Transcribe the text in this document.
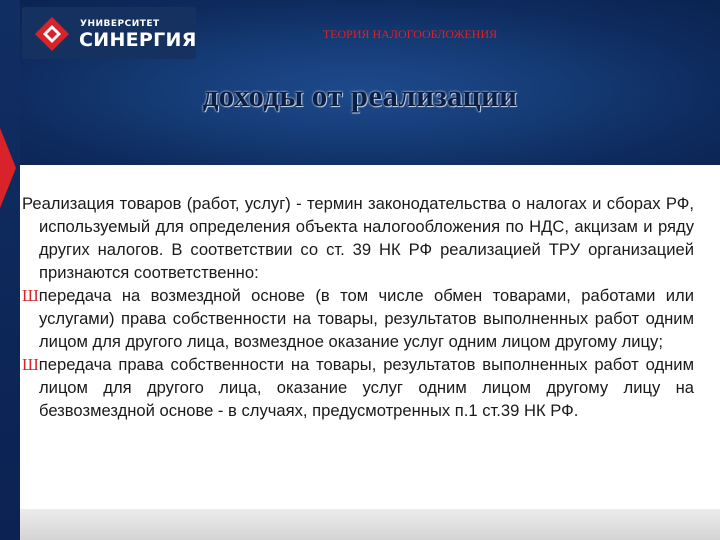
УНИВЕРСИТЕТ
СИНЕРГИЯ	ТЕОРИЯ НАЛОГООБЛОЖЕНИЯ
доходы от реализации

Реализация товаров (работ, услуг) - термин законодательства о налогах и сборах РФ, используемый для определения объекта налогообложения по НДС, акцизам и ряду других налогов. В соответствии со ст. 39 НК РФ реализацией ТРУ организацией признаются соответственно:

Шпередача на возмездной основе (в том числе обмен товарами, работами или услугами) права собственности на товары, результатов выполненных работ одним лицом для другого лица, возмездное оказание услуг одним лицом другому лицу;

Шпередача права собственности на товары, результатов выполненных работ одним лицом для другого лица, оказание услуг одним лицом другому лицу на безвозмездной основе - в случаях, предусмотренных п.1 ст.39 НК РФ.
